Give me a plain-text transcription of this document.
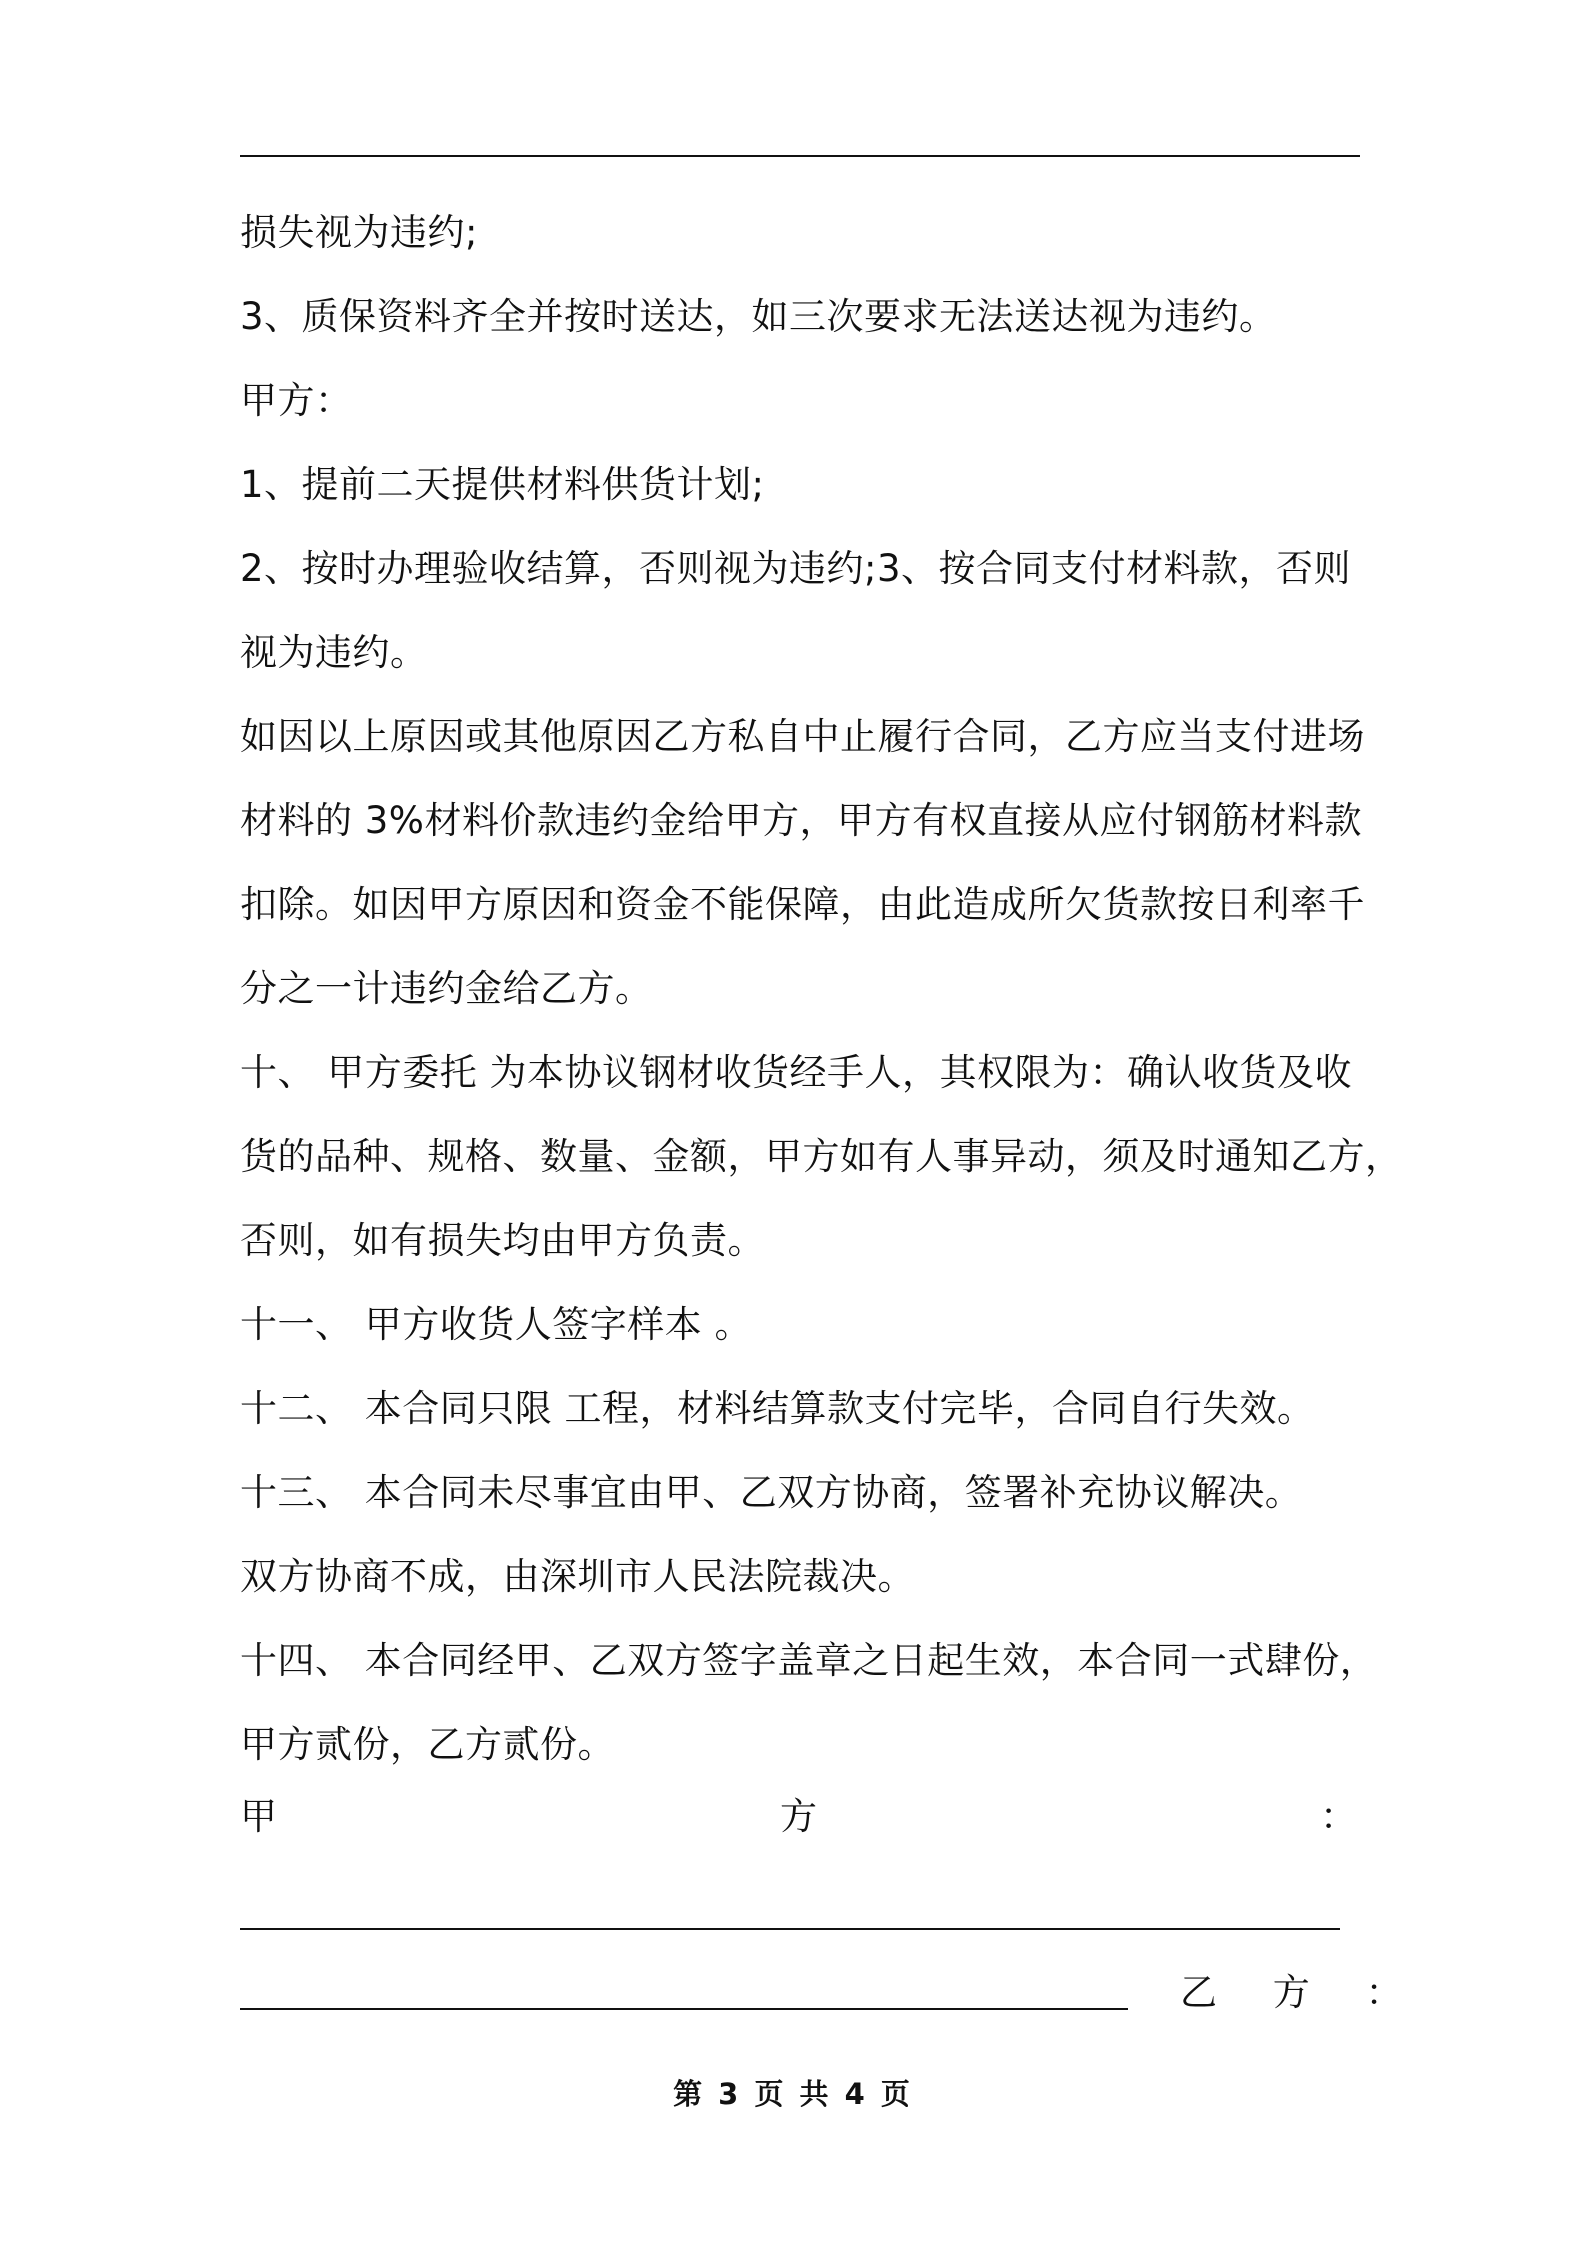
损失视为违约;
3、质保资料齐全并按时送达，如三次要求无法送达视为违约。
甲方：
1、提前二天提供材料供货计划;
2、按时办理验收结算，否则视为违约;3、按合同支付材料款，否则
视为违约。
如因以上原因或其他原因乙方私自中止履行合同，乙方应当支付进场
材料的 3%材料价款违约金给甲方，甲方有权直接从应付钢筋材料款
扣除。如因甲方原因和资金不能保障，由此造成所欠货款按日利率千
分之一计违约金给乙方。
十、 甲方委托 为本协议钢材收货经手人，其权限为：确认收货及收
货的品种、规格、数量、金额，甲方如有人事异动，须及时通知乙方，
否则，如有损失均由甲方负责。
十一、 甲方收货人签字样本 。
十二、 本合同只限 工程，材料结算款支付完毕，合同自行失效。
十三、 本合同未尽事宜由甲、乙双方协商，签署补充协议解决。
双方协商不成，由深圳市人民法院裁决。
十四、 本合同经甲、乙双方签字盖章之日起生效，本合同一式肆份，
甲方贰份，乙方贰份。
甲	方	：
乙 方 ：
第 3 页 共 4 页
